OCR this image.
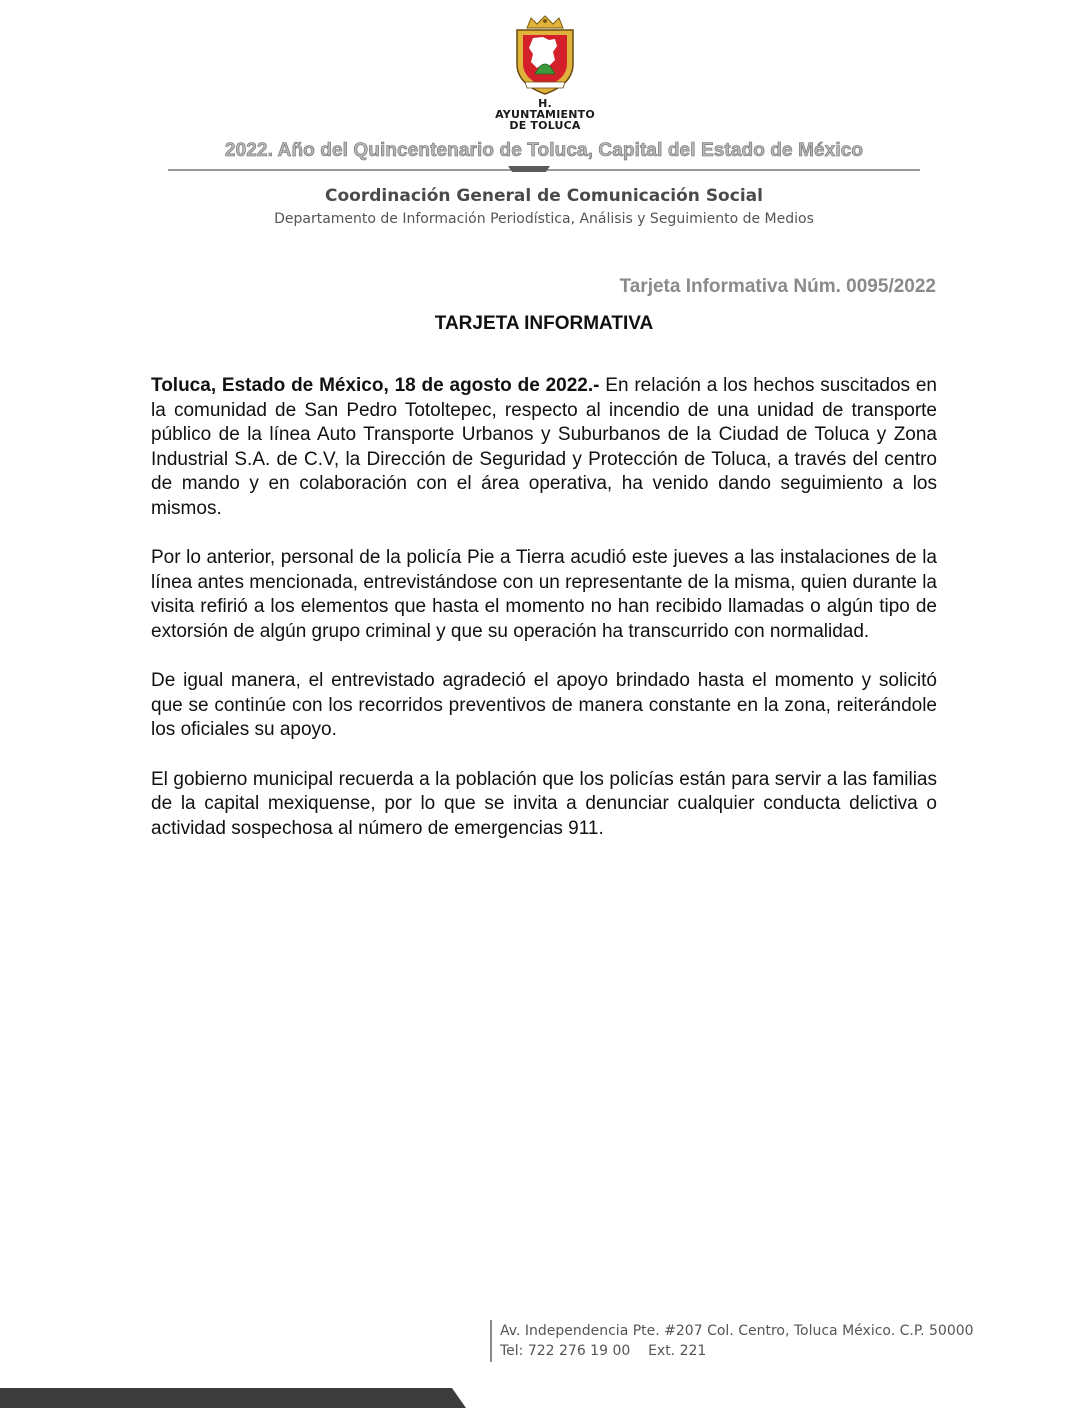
H. AYUNTAMIENTO
DE TOLUCA
2022. Año del Quincentenario de Toluca, Capital del Estado de México
Coordinación General de Comunicación Social
Departamento de Información Periodística, Análisis y Seguimiento de Medios
Tarjeta Informativa Núm. 0095/2022
TARJETA INFORMATIVA

Toluca, Estado de México, 18 de agosto de 2022.- En relación a los hechos suscitados en la comunidad de San Pedro Totoltepec, respecto al incendio de una unidad de transporte público de la línea Auto Transporte Urbanos y Suburbanos de la Ciudad de Toluca y Zona Industrial S.A. de C.V, la Dirección de Seguridad y Protección de Toluca, a través del centro de mando y en colaboración con el área operativa, ha venido dando seguimiento a los mismos.

Por lo anterior, personal de la policía Pie a Tierra acudió este jueves a las instalaciones de la línea antes mencionada, entrevistándose con un representante de la misma, quien durante la visita refirió a los elementos que hasta el momento no han recibido llamadas o algún tipo de extorsión de algún grupo criminal y que su operación ha transcurrido con normalidad.

De igual manera, el entrevistado agradeció el apoyo brindado hasta el momento y solicitó que se continúe con los recorridos preventivos de manera constante en la zona, reiterándole los oficiales su apoyo.

El gobierno municipal recuerda a la población que los policías están para servir a las familias de la capital mexiquense, por lo que se invita a denunciar cualquier conducta delictiva o actividad sospechosa al número de emergencias 911.

Av. Independencia Pte. #207 Col. Centro, Toluca México. C.P. 50000
Tel: 722 276 19 00    Ext. 221
